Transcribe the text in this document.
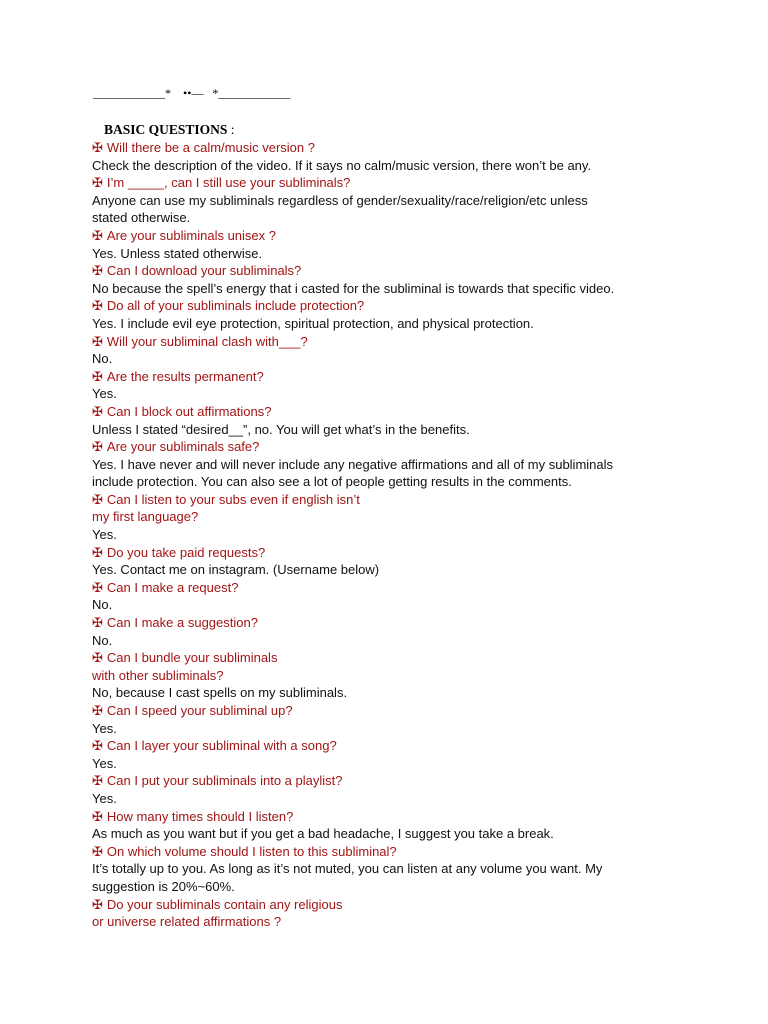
____________*    ••—   *____________
BASIC QUESTIONS :
✠ Will there be a calm/music version ?
Check the description of the video. If it says no calm/music version, there won’t be any.
✠ I’m _____, can I still use your subliminals?
Anyone can use my subliminals regardless of gender/sexuality/race/religion/etc unless
stated otherwise.
✠ Are your subliminals unisex ?
Yes. Unless stated otherwise.
✠ Can I download your subliminals?
No because the spell’s energy that i casted for the subliminal is towards that specific video.
✠ Do all of your subliminals include protection?
Yes. I include evil eye protection, spiritual protection, and physical protection.
✠ Will your subliminal clash with___?
No.
✠ Are the results permanent?
Yes.
✠ Can I block out affirmations?
Unless I stated “desired__”, no. You will get what’s in the benefits.
✠ Are your subliminals safe?
Yes. I have never and will never include any negative affirmations and all of my subliminals
include protection. You can also see a lot of people getting results in the comments.
✠ Can I listen to your subs even if english isn’t
my first language?
Yes.
✠ Do you take paid requests?
Yes. Contact me on instagram. (Username below)
✠ Can I make a request?
No.
✠ Can I make a suggestion?
No.
✠ Can I bundle your subliminals
with other subliminals?
No, because I cast spells on my subliminals.
✠ Can I speed your subliminal up?
Yes.
✠ Can I layer your subliminal with a song?
Yes.
✠ Can I put your subliminals into a playlist?
Yes.
✠ How many times should I listen?
As much as you want but if you get a bad headache, I suggest you take a break.
✠ On which volume should I listen to this subliminal?
It’s totally up to you. As long as it’s not muted, you can listen at any volume you want. My
suggestion is 20%~60%.
✠ Do your subliminals contain any religious
or universe related affirmations ?
